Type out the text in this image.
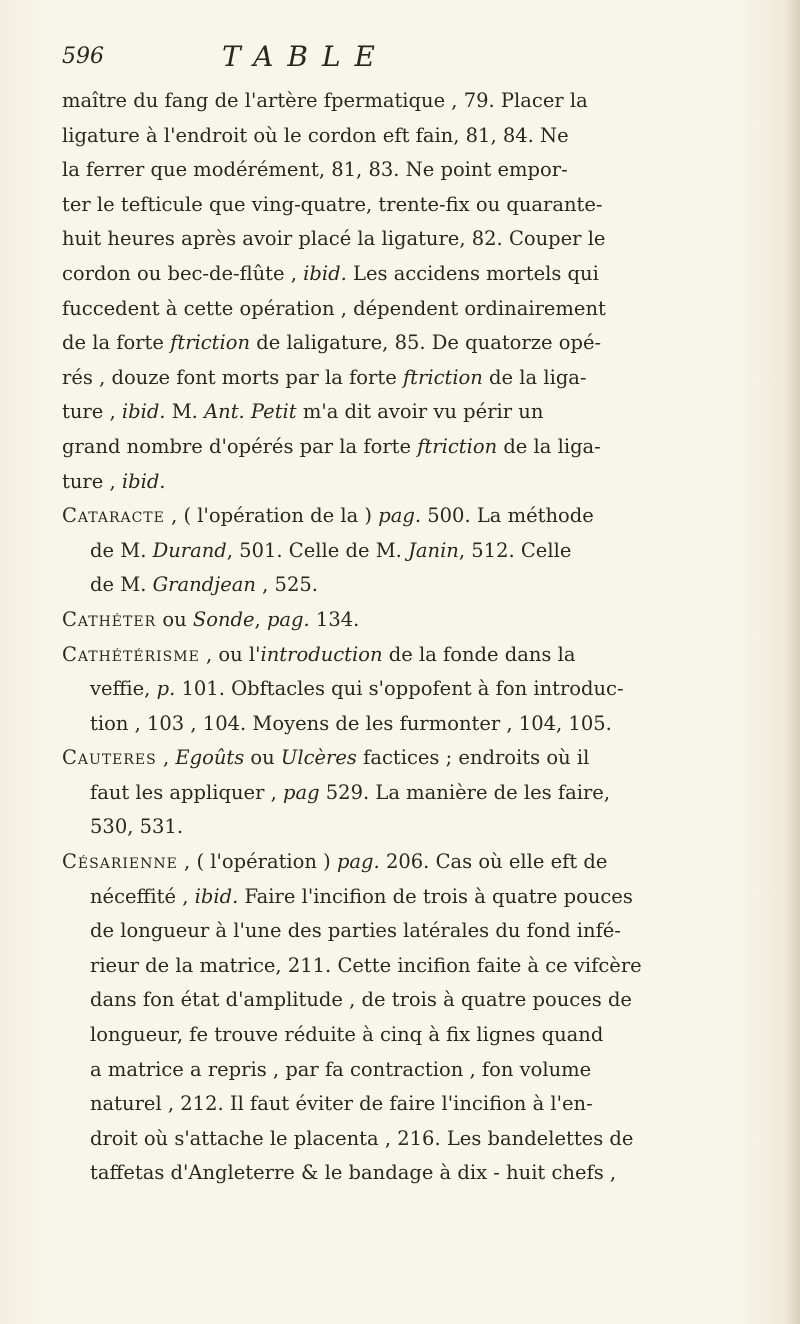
596	TABLE
maître du fang de l'artère fpermatique , 79. Placer la
ligature à l'endroit où le cordon eft fain, 81, 84. Ne
la ferrer que modérément, 81, 83. Ne point empor-
ter le tefticule que ving-quatre, trente-fix ou quarante-
huit heures après avoir placé la ligature, 82. Couper le
cordon ou bec-de-flûte , ibid. Les accidens mortels qui
fuccedent à cette opération , dépendent ordinairement
de la forte ftriction de laligature, 85. De quatorze opé-
rés , douze font morts par la forte ftriction de la liga-
ture , ibid. M. Ant. Petit m'a dit avoir vu périr un
grand nombre d'opérés par la forte ftriction de la liga-
ture , ibid.
Cataracte , ( l'opération de la ) pag. 500. La méthode
de M. Durand, 501. Celle de M. Janin, 512. Celle
de M. Grandjean , 525.
Cathéter ou Sonde, pag. 134.
Cathétérisme , ou l'introduction de la fonde dans la
veffie, p. 101. Obftacles qui s'oppofent à fon introduc-
tion , 103 , 104. Moyens de les furmonter , 104, 105.
Cauteres , Egoûts ou Ulcères factices ; endroits où il
faut les appliquer , pag 529. La manière de les faire,
530, 531.
Césarienne , ( l'opération ) pag. 206. Cas où elle eft de
néceffité , ibid. Faire l'incifion de trois à quatre pouces
de longueur à l'une des parties latérales du fond infé-
rieur de la matrice, 211. Cette incifion faite à ce vifcère
dans fon état d'amplitude , de trois à quatre pouces de
longueur, fe trouve réduite à cinq à fix lignes quand
a matrice a repris , par fa contraction , fon volume
naturel , 212. Il faut éviter de faire l'incifion à l'en-
droit où s'attache le placenta , 216. Les bandelettes de
taffetas d'Angleterre & le bandage à dix - huit chefs ,
